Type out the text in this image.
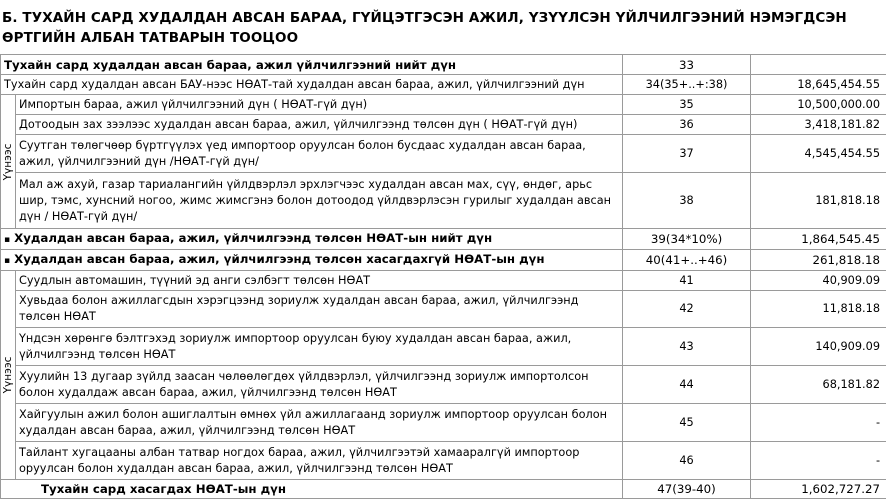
Б. ТУХАЙН САРД ХУДАЛДАН АВСАН БАРАА, ГҮЙЦЭТГЭСЭН АЖИЛ, ҮЗҮҮЛСЭН ҮЙЛЧИЛГЭЭНИЙ НЭМЭГДСЭН ӨРТГИЙН АЛБАН ТАТВАРЫН ТООЦОО
Тухайн сард худалдан авсан бараа, ажил үйлчилгээний нийт дүн		33	
Тухайн сард худалдан авсан БАУ-нээс НӨАТ-тай худалдан авсан бараа, ажил, үйлчилгээний дүн		34(35+..+:38)	18,645,454.55

Үүнээс	Импортын бараа, ажил үйлчилгээний дүн ( НӨАТ-гүй дүн)	35	10,500,000.00
	Дотоодын зах зээлээс худалдан авсан бараа, ажил, үйлчилгээнд төлсөн дүн ( НӨАТ-гүй дүн)	36	3,418,181.82
	Суутган төлөгчөөр бүртгүүлэх үед импортоор оруулсан болон бусдаас худалдан авсан бараа, ажил, үйлчилгээний дүн /НӨАТ-гүй дүн/	37	4,545,454.55
	Мал аж ахуй, газар тариалангийн үйлдвэрлэл эрхлэгчээс худалдан авсан мах, сүү, өндөг, арьс шир, тэмс, хунсний ногоо, жимс жимсгэнэ болон дотоодод үйлдвэрлэсэн гурилыг худалдан авсан дүн / НӨАТ-гүй дүн/	38	181,818.18
▪ Худалдан авсан бараа, ажил, үйлчилгээнд төлсөн НӨАТ-ын нийт дүн		39(34*10%)	1,864,545.45
▪ Худалдан авсан бараа, ажил, үйлчилгээнд төлсөн хасагдахгүй НӨАТ-ын дүн		40(41+..+46)	261,818.18

Үүнээс	Суудлын автомашин, түүний эд анги сэлбэгт төлсөн НӨАТ	41	40,909.09
	Хувьдаа болон ажиллагсдын хэрэгцээнд зориулж худалдан авсан бараа, ажил, үйлчилгээнд төлсөн НӨАТ	42	11,818.18
	Үндсэн хөрөнгө бэлтгэхэд зориулж импортоор оруулсан буюу худалдан авсан бараа, ажил, үйлчилгээнд төлсөн НӨАТ	43	140,909.09
	Хуулийн 13 дугаар зүйлд заасан чөлөөлөгдөх үйлдвэрлэл, үйлчилгээнд зориулж импортолсон болон худалдаж авсан бараа, ажил, үйлчилгээнд төлсөн НӨАТ	44	68,181.82
	Хайгуулын ажил болон ашиглалтын өмнөх үйл ажиллагаанд зориулж импортоор оруулсан болон худалдан авсан бараа, ажил, үйлчилгээнд төлсөн НӨАТ	45	-
	Тайлант хугацааны албан татвар ногдох бараа, ажил, үйлчилгээтэй хамааралгүй импортоор оруулсан болон худалдан авсан бараа, ажил, үйлчилгээнд төлсөн НӨАТ	46	-
Тухайн сард хасагдах НӨАТ-ын дүн		47(39-40)	1,602,727.27
